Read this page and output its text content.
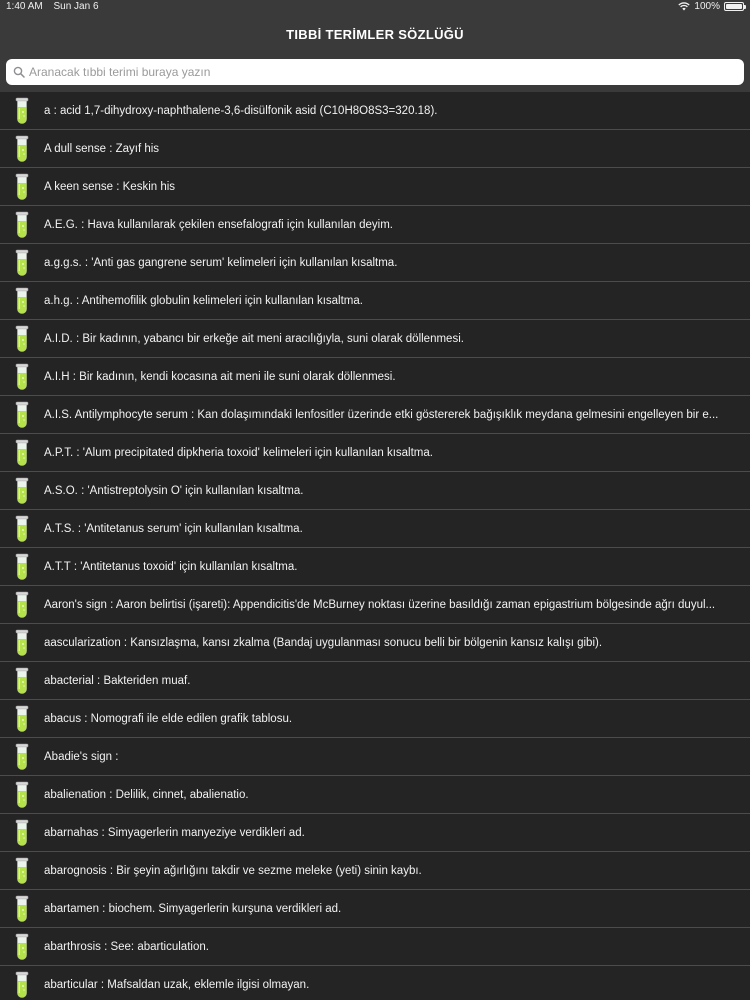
1:40 AM Sun Jan 6	100%
TIBBİ TERİMLER SÖZLÜĞÜ
Aranacak tıbbi terimi buraya yazın
a : acid 1,7-dihydroxy-naphthalene-3,6-disülfonik asid (C10H8O8S3=320.18).
A dull sense : Zayıf his
A keen sense : Keskin his
A.E.G. : Hava kullanılarak çekilen ensefalografi için kullanılan deyim.
a.g.g.s. : 'Anti gas gangrene serum' kelimeleri için kullanılan kısaltma.
a.h.g. : Antihemofilik globulin kelimeleri için kullanılan kısaltma.
A.I.D. : Bir kadının, yabancı bir erkeğe ait meni aracılığıyla, suni olarak döllenmesi.
A.I.H : Bir kadının, kendi kocasına ait meni ile suni olarak döllenmesi.
A.I.S. Antilymphocyte serum : Kan dolaşımındaki lenfositler üzerinde etki göstererek bağışıklık meydana gelmesini engelleyen bir e...
A.P.T. : 'Alum precipitated dipkheria toxoid' kelimeleri için kullanılan kısaltma.
A.S.O. : 'Antistreptolysin O' için kullanılan kısaltma.
A.T.S. : 'Antitetanus serum' için kullanılan kısaltma.
A.T.T : 'Antitetanus toxoid' için kullanılan kısaltma.
Aaron's sign : Aaron belirtisi (işareti): Appendicitis'de McBurney noktası üzerine basıldığı zaman epigastrium bölgesinde ağrı duyul...
aascularization : Kansızlaşma, kansı zkalma (Bandaj uygulanması sonucu belli bir bölgenin kansız kalışı gibi).
abacterial : Bakteriden muaf.
abacus : Nomografi ile elde edilen grafik tablosu.
Abadie's sign :
abalienation : Delilik, cinnet, abalienatio.
abarnahas : Simyagerlerin manyeziye verdikleri ad.
abarognosis : Bir şeyin ağırlığını takdir ve sezme meleke (yeti) sinin kaybı.
abartamen : biochem. Simyagerlerin kurşuna verdikleri ad.
abarthrosis : See: abarticulation.
abarticular : Mafsaldan uzak, eklemle ilgisi olmayan.
